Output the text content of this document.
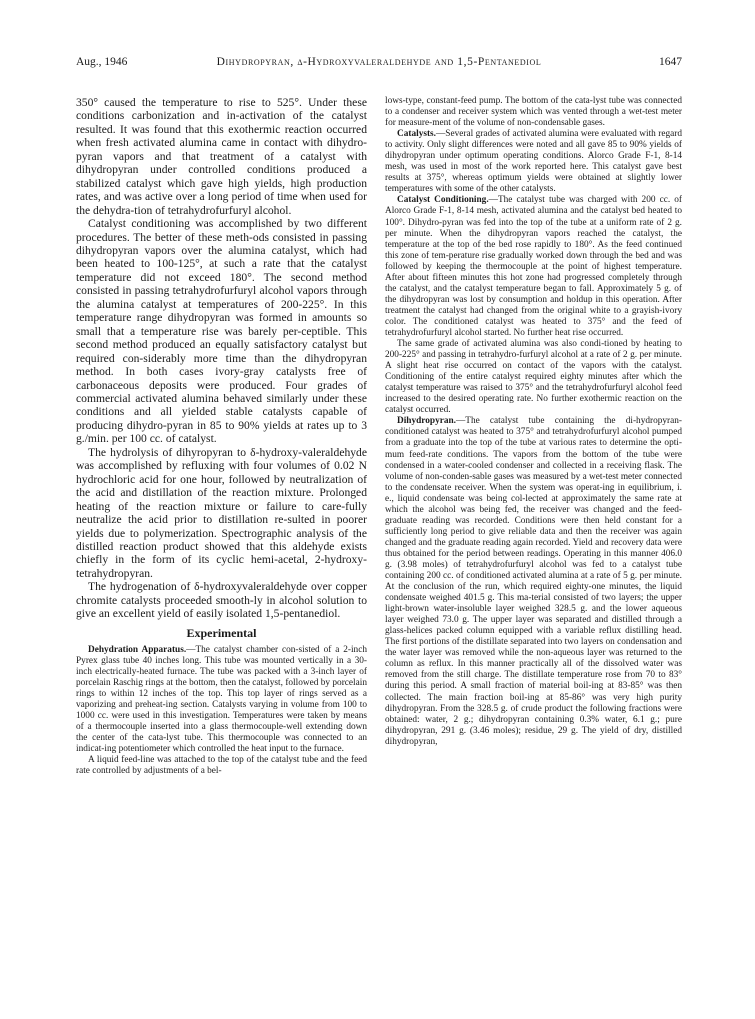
Aug., 1946	Dihydropyran, δ-Hydroxyvaleraldehyde and 1,5-Pentanediol	1647

350° caused the temperature to rise to 525°. Under these conditions carbonization and in-activation of the catalyst resulted. It was found that this exothermic reaction occurred when fresh activated alumina came in contact with dihydro-pyran vapors and that treatment of a catalyst with dihydropyran under controlled conditions produced a stabilized catalyst which gave high yields, high production rates, and was active over a long period of time when used for the dehydra-tion of tetrahydrofurfuryl alcohol.

Catalyst conditioning was accomplished by two different procedures. The better of these meth-ods consisted in passing dihydropyran vapors over the alumina catalyst, which had been heated to 100-125°, at such a rate that the catalyst temperature did not exceed 180°. The second method consisted in passing tetrahydrofurfuryl alcohol vapors through the alumina catalyst at temperatures of 200-225°. In this temperature range dihydropyran was formed in amounts so small that a temperature rise was barely per-ceptible. This second method produced an equally satisfactory catalyst but required con-siderably more time than the dihydropyran method. In both cases ivory-gray catalysts free of carbonaceous deposits were produced. Four grades of commercial activated alumina behaved similarly under these conditions and all yielded stable catalysts capable of producing dihydro-pyran in 85 to 90% yields at rates up to 3 g./min. per 100 cc. of catalyst.

The hydrolysis of dihyropyran to δ-hydroxy-valeraldehyde was accomplished by refluxing with four volumes of 0.02 N hydrochloric acid for one hour, followed by neutralization of the acid and distillation of the reaction mixture. Prolonged heating of the reaction mixture or failure to care-fully neutralize the acid prior to distillation re-sulted in poorer yields due to polymerization. Spectrographic analysis of the distilled reaction product showed that this aldehyde exists chiefly in the form of its cyclic hemi-acetal, 2-hydroxy-tetrahydropyran.

The hydrogenation of δ-hydroxyvaleraldehyde over copper chromite catalysts proceeded smooth-ly in alcohol solution to give an excellent yield of easily isolated 1,5-pentanediol.

Experimental

Dehydration Apparatus.—The catalyst chamber con-sisted of a 2-inch Pyrex glass tube 40 inches long. This tube was mounted vertically in a 30-inch electrically-heated furnace. The tube was packed with a 3-inch layer of porcelain Raschig rings at the bottom, then the catalyst, followed by porcelain rings to within 12 inches of the top. This top layer of rings served as a vaporizing and preheat-ing section. Catalysts varying in volume from 100 to 1000 cc. were used in this investigation. Temperatures were taken by means of a thermocouple inserted into a glass thermocouple-well extending down the center of the cata-lyst tube. This thermocouple was connected to an indicat-ing potentiometer which controlled the heat input to the furnace.

A liquid feed-line was attached to the top of the catalyst tube and the feed rate controlled by adjustments of a bel-

lows-type, constant-feed pump. The bottom of the cata-lyst tube was connected to a condenser and receiver system which was vented through a wet-test meter for measure-ment of the volume of non-condensable gases.

Catalysts.—Several grades of activated alumina were evaluated with regard to activity. Only slight differences were noted and all gave 85 to 90% yields of dihydropyran under optimum operating conditions. Alorco Grade F-1, 8-14 mesh, was used in most of the work reported here. This catalyst gave best results at 375°, whereas optimum yields were obtained at slightly lower temperatures with some of the other catalysts.

Catalyst Conditioning.—The catalyst tube was charged with 200 cc. of Alorco Grade F-1, 8-14 mesh, activated alumina and the catalyst bed heated to 100°. Dihydro-pyran was fed into the top of the tube at a uniform rate of 2 g. per minute. When the dihydropyran vapors reached the catalyst, the temperature at the top of the bed rose rapidly to 180°. As the feed continued this zone of tem-perature rise gradually worked down through the bed and was followed by keeping the thermocouple at the point of highest temperature. After about fifteen minutes this hot zone had progressed completely through the catalyst, and the catalyst temperature began to fall. Approximately 5 g. of the dihydropyran was lost by consumption and holdup in this operation. After treatment the catalyst had changed from the original white to a grayish-ivory color. The conditioned catalyst was heated to 375° and the feed of tetrahydrofurfuryl alcohol started. No further heat rise occurred.

The same grade of activated alumina was also condi-tioned by heating to 200-225° and passing in tetrahydro-furfuryl alcohol at a rate of 2 g. per minute. A slight heat rise occurred on contact of the vapors with the catalyst. Conditioning of the entire catalyst required eighty minutes after which the catalyst temperature was raised to 375° and the tetrahydrofurfuryl alcohol feed increased to the desired operating rate. No further exothermic reaction on the catalyst occurred.

Dihydropyran.—The catalyst tube containing the di-hydropyran-conditioned catalyst was heated to 375° and tetrahydrofurfuryl alcohol pumped from a graduate into the top of the tube at various rates to determine the opti-mum feed-rate conditions. The vapors from the bottom of the tube were condensed in a water-cooled condenser and collected in a receiving flask. The volume of non-conden-sable gases was measured by a wet-test meter connected to the condensate receiver. When the system was operat-ing in equilibrium, i. e., liquid condensate was being col-lected at approximately the same rate at which the alcohol was being fed, the receiver was changed and the feed-graduate reading was recorded. Conditions were then held constant for a sufficiently long period to give reliable data and then the receiver was again changed and the graduate reading again recorded. Yield and recovery data were thus obtained for the period between readings. Operating in this manner 406.0 g. (3.98 moles) of tetrahydrofurfuryl alcohol was fed to a catalyst tube containing 200 cc. of conditioned activated alumina at a rate of 5 g. per minute. At the conclusion of the run, which required eighty-one minutes, the liquid condensate weighed 401.5 g. This ma-terial consisted of two layers; the upper light-brown water-insoluble layer weighed 328.5 g. and the lower aqueous layer weighed 73.0 g. The upper layer was separated and distilled through a glass-helices packed column equipped with a variable reflux distilling head. The first portions of the distillate separated into two layers on condensation and the water layer was removed while the non-aqueous layer was returned to the column as reflux. In this manner practically all of the dissolved water was removed from the still charge. The distillate temperature rose from 70 to 83° during this period. A small fraction of material boil-ing at 83-85° was then collected. The main fraction boil-ing at 85-86° was very high purity dihydropyran. From the 328.5 g. of crude product the following fractions were obtained: water, 2 g.; dihydropyran containing 0.3% water, 6.1 g.; pure dihydropyran, 291 g. (3.46 moles); residue, 29 g. The yield of dry, distilled dihydropyran,
